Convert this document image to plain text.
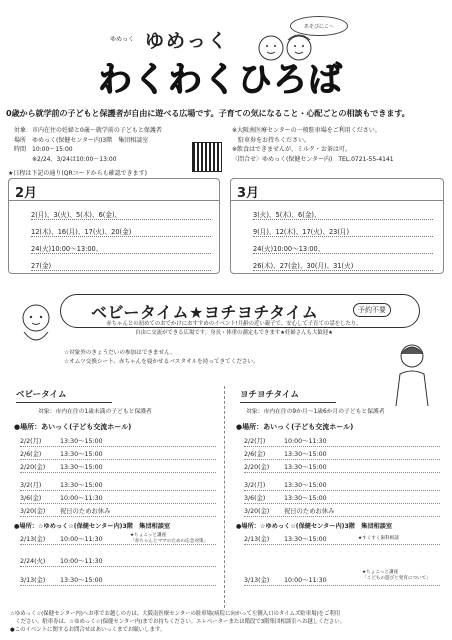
ゆめっく ゆめっく
わくわくひろば
あそびにこ〜
0歳から就学前の子どもと保護者が自由に遊べる広場です。子育ての気になること・心配ごとの相談もできます。
対象　市内在住の妊婦と0歳〜就学前の子どもと保護者
場所　ゆめっく(保健センター内)3階　集団相談室
時間　10:00〜15:00
　　　※2/24、3/24は10:00〜13:00
※大阪南医療センターの一般駐車場をご利用ください。
　駐車券をお持ちください。
※飲食はできませんが、ミルク・お茶は可。
〈問合せ〉ゆめっく(保健センター内)　TEL.0721-55-4141
★日程は下記の通り(QRコードからも確認できます)
2月
2(月)、3(火)、5(木)、6(金)、
12(木)、16(月)、17(火)、20(金)
24(火)10:00〜13:00、
27(金)
3月
3(火)、5(木)、6(金)、
9(月)、12(木)、17(火)、23(月)
24(火)10:00〜13:00、
26(木)、27(金)、30(月)、31(火)
ベビータイム★ヨチヨチタイム	予約不要
赤ちゃんとの初めてのおでかけにおすすめのイベント!月齢の近い親子で、安心して子育ての話をしたり、
自由に交流ができる広場です。身長・体重の測定もできます★妊婦さんも大歓迎★
☆対象外のきょうだいの参加はできません。
☆オムツ交換シート、赤ちゃんを寝かせるバスタオルを持ってきてください。
ベビータイム	ヨチヨチタイム
対象：市内在住の1歳未満の子どもと保護者	対象：市内在住の9か月〜1歳6か月の子どもと保護者
●場所：あいっく(子ども交流ホール)
2/2(月)	13:30〜15:00
2/6(金)	13:30〜15:00
2/20(金) 13:30〜15:00
3/2(月)	13:30〜15:00
3/6(金)	10:00〜11:30
3/20(金) 祝日のためお休み
●場所：☆ゆめっく☆(保健センター内)3階　集団相談室
2/13(金) 10:00〜11:30
★ちょこっと講座
「赤ちゃんとママのための応急対策」
2/24(火) 10:00〜11:30
3/13(金) 13:30〜15:00
●場所：あいっく(子ども交流ホール)
2/2(月)	10:00〜11:30
2/6(金)	13:30〜15:00
2/20(金) 13:30〜15:00
3/2(月)	13:30〜15:00
3/6(金)	13:30〜15:00
3/20(金) 祝日のためお休み
●場所：☆ゆめっく☆(保健センター内)3階　集団相談室
2/13(金) 13:30〜15:00	★すくすく歯科相談
3/13(金) 10:00〜11:30
★ちょこっと講座
「こどもの遊びと発育について」
☆ゆめっく☆(保健センター内)へお車でお越しの方は、大阪南医療センターの駐車場(病院に向かって左側入口のタイムズ駐車場)をご利用
　ください。駐車券は、☆ゆめっく☆(保健センター内)までお持ちください。エレベーターまたは階段で3階集団相談室へお越しください。
●このイベントに関するお問合せはあいっくまでお願いします。
